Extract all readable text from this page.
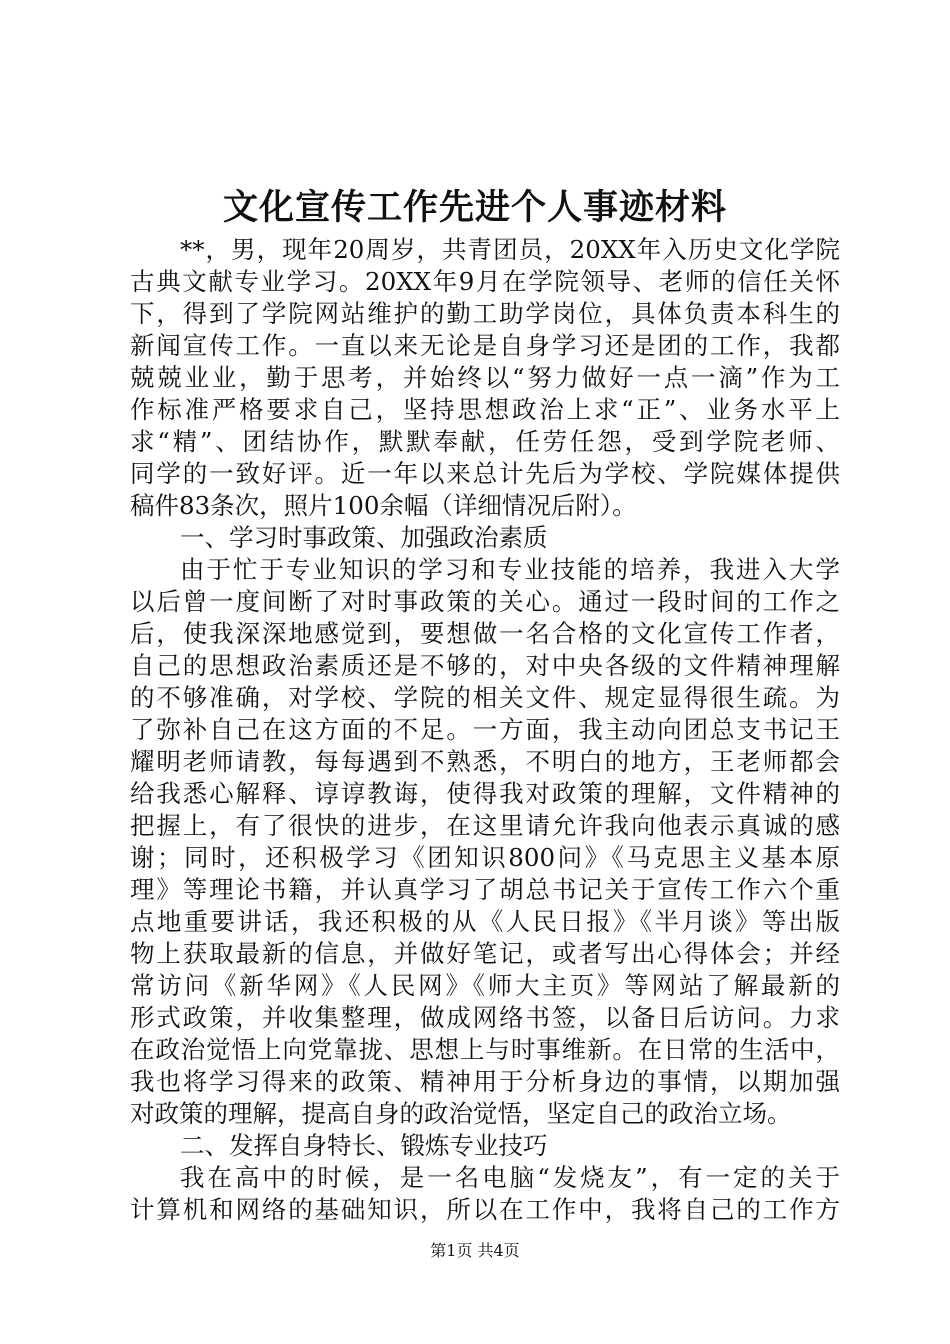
文化宣传工作先进个人事迹材料
**，男，现年20周岁，共青团员，20XX年入历史文化学院
古典文献专业学习。20XX年9月在学院领导、老师的信任关怀
下，得到了学院网站维护的勤工助学岗位，具体负责本科生的
新闻宣传工作。一直以来无论是自身学习还是团的工作，我都
兢兢业业，勤于思考，并始终以“努力做好一点一滴”作为工
作标准严格要求自己，坚持思想政治上求“正”、业务水平上
求“精”、团结协作，默默奉献，任劳任怨，受到学院老师、
同学的一致好评。近一年以来总计先后为学校、学院媒体提供
稿件83条次，照片100余幅（详细情况后附）。
一、学习时事政策、加强政治素质
由于忙于专业知识的学习和专业技能的培养，我进入大学
以后曾一度间断了对时事政策的关心。通过一段时间的工作之
后，使我深深地感觉到，要想做一名合格的文化宣传工作者，
自己的思想政治素质还是不够的，对中央各级的文件精神理解
的不够准确，对学校、学院的相关文件、规定显得很生疏。为
了弥补自己在这方面的不足。一方面，我主动向团总支书记王
耀明老师请教，每每遇到不熟悉，不明白的地方，王老师都会
给我悉心解释、谆谆教诲，使得我对政策的理解，文件精神的
把握上，有了很快的进步，在这里请允许我向他表示真诚的感
谢；同时，还积极学习《团知识800问》《马克思主义基本原
理》等理论书籍，并认真学习了胡总书记关于宣传工作六个重
点地重要讲话，我还积极的从《人民日报》《半月谈》等出版
物上获取最新的信息，并做好笔记，或者写出心得体会；并经
常访问《新华网》《人民网》《师大主页》等网站了解最新的
形式政策，并收集整理，做成网络书签，以备日后访问。力求
在政治觉悟上向党靠拢、思想上与时事维新。在日常的生活中，
我也将学习得来的政策、精神用于分析身边的事情，以期加强
对政策的理解，提高自身的政治觉悟，坚定自己的政治立场。
二、发挥自身特长、锻炼专业技巧
我在高中的时候，是一名电脑“发烧友”，有一定的关于
计算机和网络的基础知识，所以在工作中，我将自己的工作方
第1页 共4页
